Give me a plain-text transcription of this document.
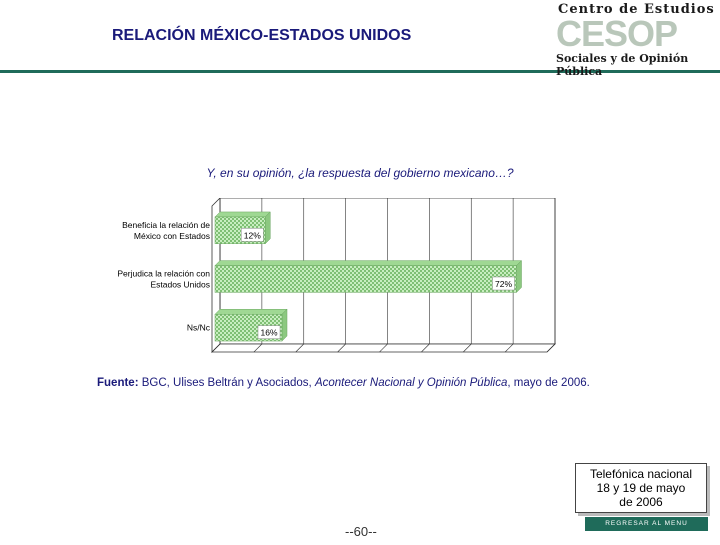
RELACIÓN MÉXICO-ESTADOS UNIDOS
Centro de Estudios
CESOP
Sociales y de Opinión Pública
Y, en su opinión, ¿la respuesta del gobierno mexicano…?
12%
Beneficia la relación de
México con Estados
72%
Perjudica la relación con
Estados Unidos
16%
Ns/Nc
Fuente: BGC, Ulises Beltrán y Asociados, Acontecer Nacional y Opinión Pública, mayo de 2006.
Telefónica nacional
18 y 19 de mayo
de 2006
REGRESAR AL MENU PRINCIPAL
--60--
